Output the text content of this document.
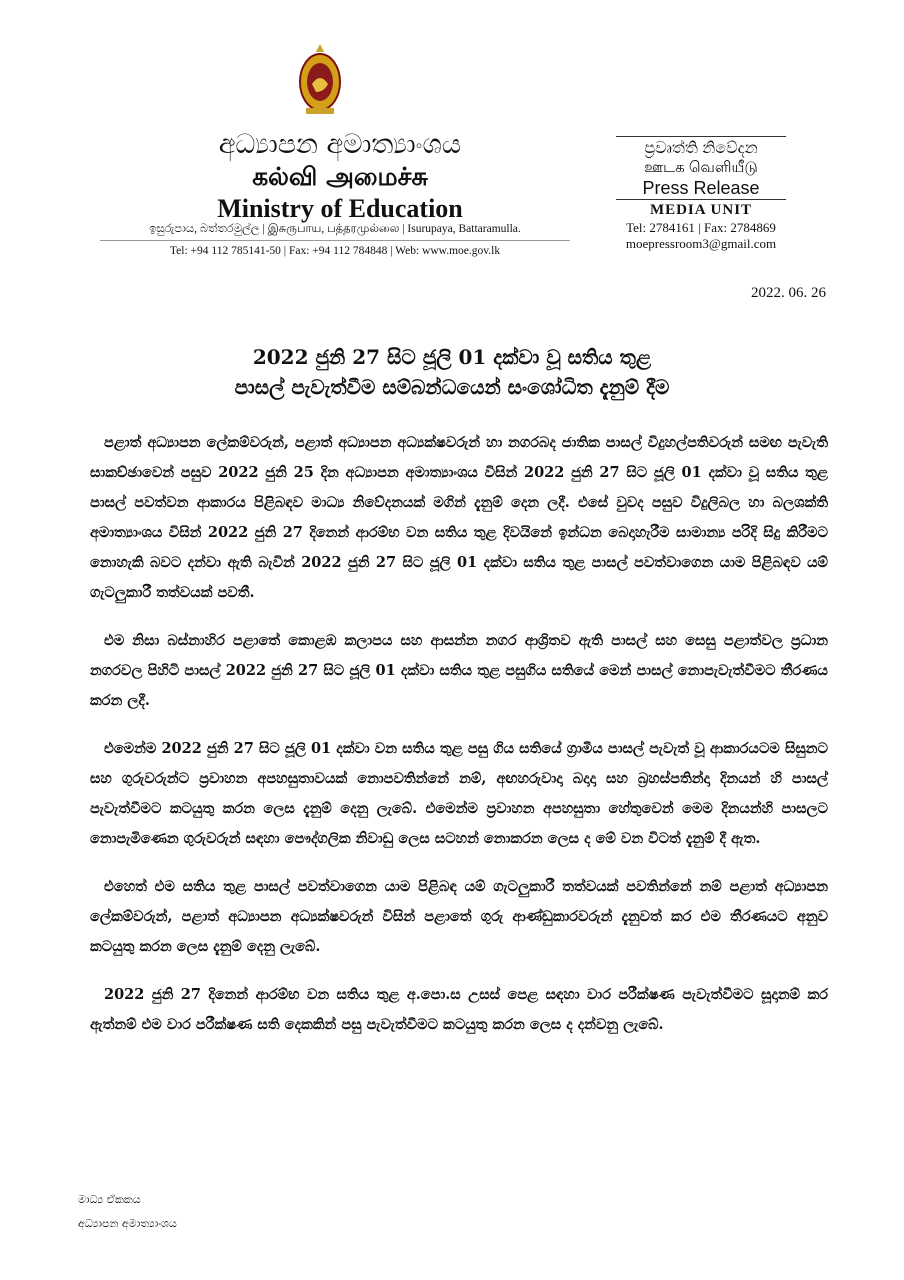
අධ්‍යාපන අමාත්‍යාංශය
கல்வி அமைச்சு
Ministry of Education
ඉසුරුපාය, බත්තරමුල්ල | இசுருபாய, பத்தரமுல்லை | Isurupaya, Battaramulla.
Tel: +94 112 785141-50 | Fax: +94 112 784848 | Web: www.moe.gov.lk
ප්‍රවෘත්ති නිවේදන
ஊடக வெளியீடு
Press Release
MEDIA UNIT
Tel: 2784161 | Fax: 2784869
moepressroom3@gmail.com
2022. 06. 26
2022 ජුනි 27 සිට ජූලි 01 දක්වා වූ සතිය තුළ
පාසල් පැවැත්වීම සම්බන්ධයෙන් සංශෝධිත දැනුම් දීම

පළාත් අධ්‍යාපන ලේකම්වරුන්, පළාත් අධ්‍යාපන අධ්‍යක්ෂවරුන් හා නගරබද ජාතික පාසල් විදුහල්පතිවරුන් සමඟ පැවැති සාකච්ඡාවෙන් පසුව 2022 ජුනි 25 දින අධ්‍යාපන අමාත්‍යාංශය විසින් 2022 ජුනි 27 සිට ජූලි 01 දක්වා වූ සතිය තුළ පාසල් පවත්වන ආකාරය පිළිබඳව මාධ්‍ය නිවේදනයක් මගින් දැනුම් දෙන ලදී. එසේ වුවද පසුව විදුලිබල හා බලශක්ති අමාත්‍යාංශය විසින් 2022 ජුනි 27 දිනෙන් ආරම්භ වන සතිය තුළ දිවයිනේ ඉන්ධන බෙදාහැරීම සාමාන්‍ය පරිදි සිදු කිරීමට නොහැකි බවට දන්වා ඇති බැවින් 2022 ජුනි 27 සිට ජූලි 01 දක්වා සතිය තුළ පාසල් පවත්වාගෙන යාම පිළිබඳව යම් ගැටලුකාරී තත්වයක් පවතී.

එම නිසා බස්නාහිර පළාතේ කොළඹ කලාපය සහ ආසන්න නගර ආශ්‍රිතව ඇති පාසල් සහ සෙසු පළාත්වල ප්‍රධාන නගරවල පිහිටි පාසල් 2022 ජුනි 27 සිට ජූලි 01 දක්වා සතිය තුළ පසුගිය සතියේ මෙන් පාසල් නොපැවැත්වීමට තීරණය කරන ලදී.

එමෙන්ම 2022 ජුනි 27 සිට ජූලි 01 දක්වා වන සතිය තුළ පසු ගිය සතියේ ග්‍රාමීය පාසල් පැවැත් වූ ආකාරයටම සිසුනට සහ ගුරුවරුන්ට ප්‍රවාහන අපහසුතාවයක් නොපවතින්නේ නම්, අඟහරුවාදා බදාදා සහ බ්‍රහස්පතින්දා දිනයන් හි පාසල් පැවැත්වීමට කටයුතු කරන ලෙස දැනුම් දෙනු ලැබේ. එමෙන්ම ප්‍රවාහන අපහසුතා හේතුවෙන් මෙම දිනයන්හි පාසලට නොපැමිණෙන ගුරුවරුන් සඳහා පෞද්ගලික නිවාඩු ලෙස සටහන් නොකරන ලෙස ද මේ වන විටත් දැනුම් දී ඇත.

එහෙත් එම සතිය තුළ පාසල් පවත්වාගෙන යාම පිළිබඳ යම් ගැටලුකාරී තත්වයක් පවතින්නේ නම් පළාත් අධ්‍යාපන ලේකම්වරුන්, පළාත් අධ්‍යාපන අධ්‍යක්ෂවරුන් විසින් පළාතේ ගුරු ආණ්ඩුකාරවරුන් දැනුවත් කර එම තීරණයට අනුව කටයුතු කරන ලෙස දැනුම් දෙනු ලැබේ.

2022 ජුනි 27 දිනෙන් ආරම්භ වන සතිය තුළ අ.පො.ස උසස් පෙළ සඳහා වාර පරීක්ෂණ පැවැත්වීමට සූදානම් කර ඇත්නම් එම වාර පරීක්ෂණ සති දෙකකින් පසු පැවැත්වීමට කටයුතු කරන ලෙස ද දන්වනු ලැබේ.

මාධ්‍ය ඒකකය
අධ්‍යාපන අමාත්‍යාංශය
